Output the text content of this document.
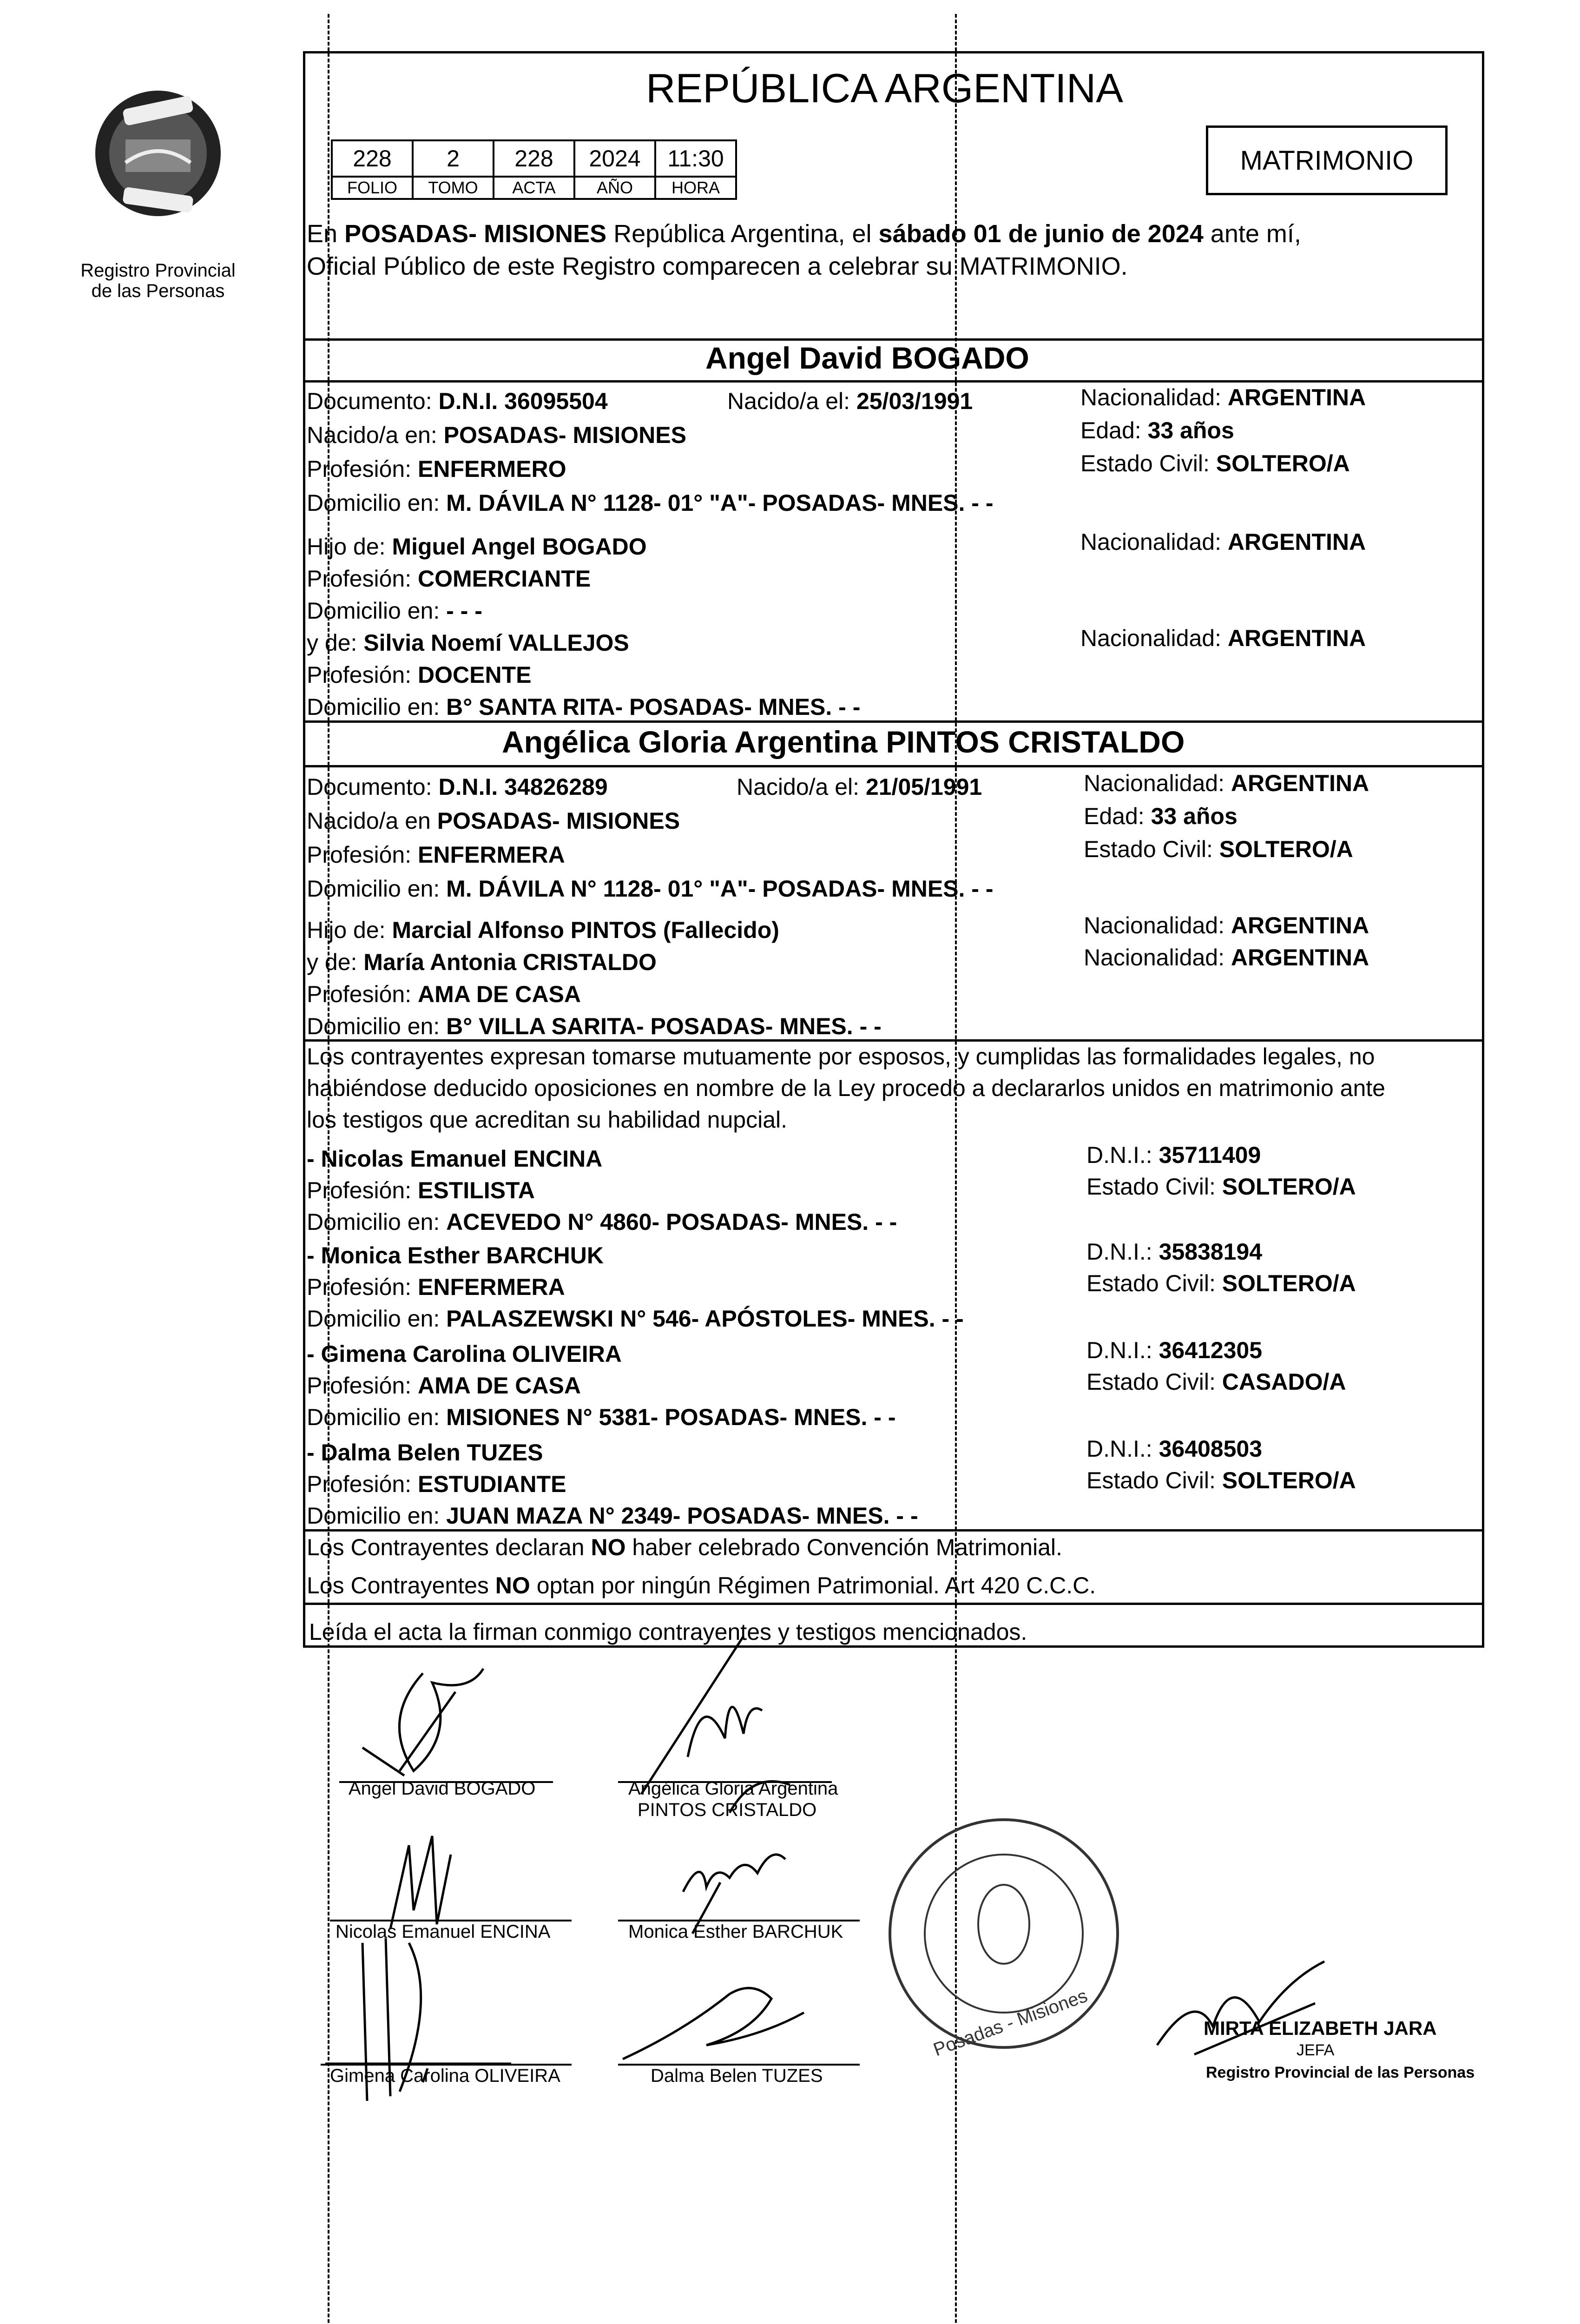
Registro Provincial
de las Personas
REPÚBLICA ARGENTINA
228	2	228	2024	11:30
FOLIO	TOMO	ACTA	AÑO	HORA
MATRIMONIO
En POSADAS- MISIONES República Argentina, el sábado 01 de junio de 2024 ante mí,
Oficial Público de este Registro comparecen a celebrar su MATRIMONIO.
Angel David BOGADO
Documento: D.N.I. 36095504	Nacido/a el: 25/03/1991	Nacionalidad: ARGENTINA
Nacido/a en: POSADAS- MISIONES	Edad: 33 años
Profesión: ENFERMERO	Estado Civil: SOLTERO/A
Domicilio en: M. DÁVILA N° 1128- 01° "A"- POSADAS- MNES. - -
Hijo de: Miguel Angel BOGADO	Nacionalidad: ARGENTINA
Profesión: COMERCIANTE
Domicilio en: - - -
y de: Silvia Noemí VALLEJOS	Nacionalidad: ARGENTINA
Profesión: DOCENTE
Domicilio en: B° SANTA RITA- POSADAS- MNES. - -
Angélica Gloria Argentina PINTOS CRISTALDO
Documento: D.N.I. 34826289	Nacido/a el: 21/05/1991	Nacionalidad: ARGENTINA
Nacido/a en POSADAS- MISIONES	Edad: 33 años
Profesión: ENFERMERA	Estado Civil: SOLTERO/A
Domicilio en: M. DÁVILA N° 1128- 01° "A"- POSADAS- MNES. - -
Hijo de: Marcial Alfonso PINTOS (Fallecido)	Nacionalidad: ARGENTINA
y de: María Antonia CRISTALDO	Nacionalidad: ARGENTINA
Profesión: AMA DE CASA
Domicilio en: B° VILLA SARITA- POSADAS- MNES. - -
Los contrayentes expresan tomarse mutuamente por esposos, y cumplidas las formalidades legales, no
habiéndose deducido oposiciones en nombre de la Ley procedo a declararlos unidos en matrimonio ante
los testigos que acreditan su habilidad nupcial.
- Nicolas Emanuel ENCINA	D.N.I.: 35711409
Profesión: ESTILISTA	Estado Civil: SOLTERO/A
Domicilio en: ACEVEDO N° 4860- POSADAS- MNES. - -
- Monica Esther BARCHUK	D.N.I.: 35838194
Profesión: ENFERMERA	Estado Civil: SOLTERO/A
Domicilio en: PALASZEWSKI N° 546- APÓSTOLES- MNES. - -
- Gimena Carolina OLIVEIRA	D.N.I.: 36412305
Profesión: AMA DE CASA	Estado Civil: CASADO/A
Domicilio en: MISIONES N° 5381- POSADAS- MNES. - -
- Dalma Belen TUZES	D.N.I.: 36408503
Profesión: ESTUDIANTE	Estado Civil: SOLTERO/A
Domicilio en: JUAN MAZA N° 2349- POSADAS- MNES. - -
Los Contrayentes declaran NO haber celebrado Convención Matrimonial.
Los Contrayentes NO optan por ningún Régimen Patrimonial. Art 420 C.C.C.
Leída el acta la firman conmigo contrayentes y testigos mencionados.
Angel David BOGADO	Angélica Gloria Argentina
PINTOS CRISTALDO
Nicolas Emanuel ENCINA	Monica Esther BARCHUK
Gimena Carolina OLIVEIRA	Dalma Belen TUZES
Posadas - Misiones	MIRTA ELIZABETH JARA
JEFA
Registro Provincial de las Personas
